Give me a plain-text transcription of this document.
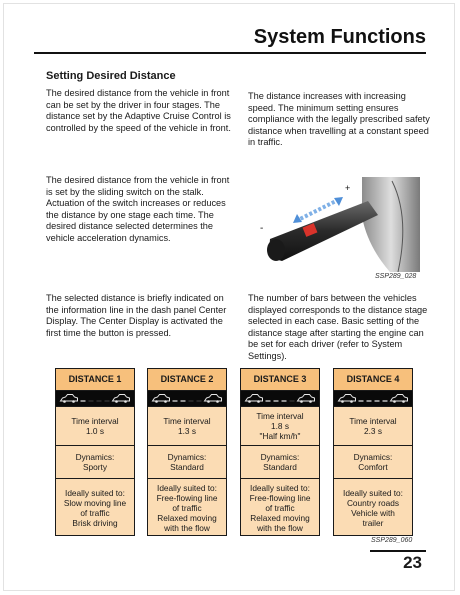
System Functions
Setting Desired Distance
The desired distance from the vehicle in front can be set by the driver in four stages. The distance set by the Adaptive Cruise Control is controlled by the speed of the vehicle in front.
The distance increases with increasing speed. The minimum setting ensures compliance with the legally prescribed safety distance when travelling at a constant speed in traffic.
The desired distance from the vehicle in front is set by the sliding switch on the stalk. Actuation of the switch increases or reduces the distance by one stage each time. The desired distance selected determines the vehicle acceleration dynamics.
The selected distance is briefly indicated on the information line in the dash panel Center Display. The Center Display is activated the first time the button is pressed.
The number of bars between the vehicles displayed corresponds to the distance stage selected in each case. Basic setting of the distance stage after starting the engine can be set for each driver (refer to System Settings).
+
-
SSP289_028
DISTANCE 1
Time interval
1.0 s
Dynamics:
Sporty
Ideally suited to:
Slow moving line
of traffic
Brisk driving
DISTANCE 2
Time interval
1.3 s
Dynamics:
Standard
Ideally suited to:
Free-flowing line
of traffic
Relaxed moving
with the flow
DISTANCE 3
Time interval
1.8 s
"Half km/h"
Dynamics:
Standard
Ideally suited to:
Free-flowing line
of traffic
Relaxed moving
with the flow
DISTANCE 4
Time interval
2.3 s
Dynamics:
Comfort
Ideally suited to:
Country roads
Vehicle with
trailer
SSP289_060
23
